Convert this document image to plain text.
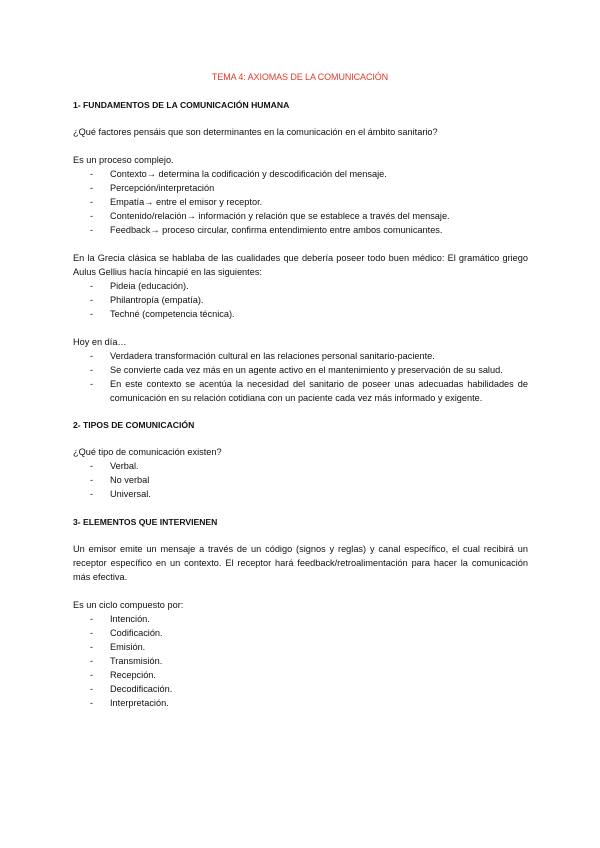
TEMA 4: AXIOMAS DE LA COMUNICACIÓN
1- FUNDAMENTOS DE LA COMUNICACIÓN HUMANA

¿Qué factores pensáis que son determinantes en la comunicación en el ámbito sanitario?

Es un proceso complejo.

- Contexto→ determina la codificación y descodificación del mensaje.
- Percepción/interpretación
- Empatía→ entre el emisor y receptor.
- Contenido/relación→ información y relación que se establece a través del mensaje.
- Feedback→ proceso circular, confirma entendimiento entre ambos comunicantes.

En la Grecia clásica se hablaba de las cualidades que debería poseer todo buen médico: El gramático griego Aulus Gellius hacía hincapié en las siguientes:

- Pideia (educación).
- Philantropía (empatía).
- Techné (competencia técnica).

Hoy en día…

- Verdadera transformación cultural en las relaciones personal sanitario-paciente.
- Se convierte cada vez más en un agente activo en el mantenimiento y preservación de su salud.
- En este contexto se acentúa la necesidad del sanitario de poseer unas adecuadas habilidades de comunicación en su relación cotidiana con un paciente cada vez más informado y exigente.
2- TIPOS DE COMUNICACIÓN

¿Qué tipo de comunicación existen?

- Verbal.
- No verbal
- Universal.
3- ELEMENTOS QUE INTERVIENEN

Un emisor emite un mensaje a través de un código (signos y reglas) y canal específico, el cual recibirá un receptor específico en un contexto. El receptor hará feedback/retroalimentación para hacer la comunicación más efectiva.

Es un ciclo compuesto por:

- Intención.
- Codificación.
- Emisión.
- Transmisión.
- Recepción.
- Decodificación.
- Interpretación.
